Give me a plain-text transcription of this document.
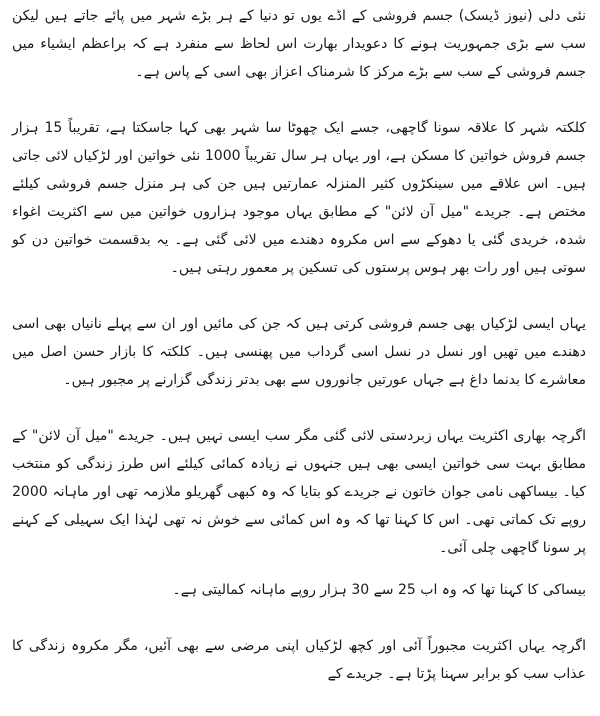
نئی دلی (نیوز ڈیسک) جسم فروشی کے اڈے یوں تو دنیا کے ہر بڑے شہر میں پائے جاتے ہیں لیکن سب سے بڑی جمہوریت ہونے کا دعویدار بھارت اس لحاظ سے منفرد ہے کہ براعظم ایشیاء میں جسم فروشی کے سب سے بڑے مرکز کا شرمناک اعزاز بھی اسی کے پاس ہے۔

کلکتہ شہر کا علاقہ سونا گاچھی، جسے ایک چھوٹا سا شہر بھی کہا جاسکتا ہے، تقریباً 15 ہزار جسم فروش خواتین کا مسکن ہے، اور یہاں ہر سال تقریباً 1000 نئی خواتین اور لڑکیاں لائی جاتی ہیں۔ اس علاقے میں سینکڑوں کثیر المنزلہ عمارتیں ہیں جن کی ہر منزل جسم فروشی کیلئے مختص ہے۔ جریدے "میل آن لائن" کے مطابق یہاں موجود ہزاروں خواتین میں سے اکثریت اغواء شدہ، خریدی گئی یا دھوکے سے اس مکروہ دھندے میں لائی گئی ہے۔ یہ بدقسمت خواتین دن کو سوتی ہیں اور رات بھر ہوس پرستوں کی تسکین پر معمور رہتی ہیں۔

یہاں ایسی لڑکیاں بھی جسم فروشی کرتی ہیں کہ جن کی مائیں اور ان سے پہلے نانیاں بھی اسی دھندے میں تھیں اور نسل در نسل اسی گرداب میں پھنسی ہیں۔ کلکتہ کا بازار حسن اصل میں معاشرے کا بدنما داغ ہے جہاں عورتیں جانوروں سے بھی بدتر زندگی گزارنے پر مجبور ہیں۔

اگرچہ بھاری اکثریت یہاں زبردستی لائی گئی مگر سب ایسی نہیں ہیں۔ جریدے "میل آن لائن" کے مطابق بہت سی خواتین ایسی بھی ہیں جنہوں نے زیادہ کمائی کیلئے اس طرز زندگی کو منتخب کیا۔ بیساکھی نامی جوان خاتون نے جریدے کو بتایا کہ وہ کبھی گھریلو ملازمہ تھی اور ماہانہ 2000 روپے تک کماتی تھی۔ اس کا کہنا تھا کہ وہ اس کمائی سے خوش نہ تھی لہٰذا ایک سہیلی کے کہنے پر سونا گاچھی چلی آئی۔

بیساکی کا کہنا تھا کہ وہ اب 25 سے 30 ہزار روپے ماہانہ کمالیتی ہے۔

اگرچہ یہاں اکثریت مجبوراً آئی اور کچھ لڑکیاں اپنی مرضی سے بھی آئیں، مگر مکروہ زندگی کا عذاب سب کو برابر سہنا پڑتا ہے۔ جریدے کے
